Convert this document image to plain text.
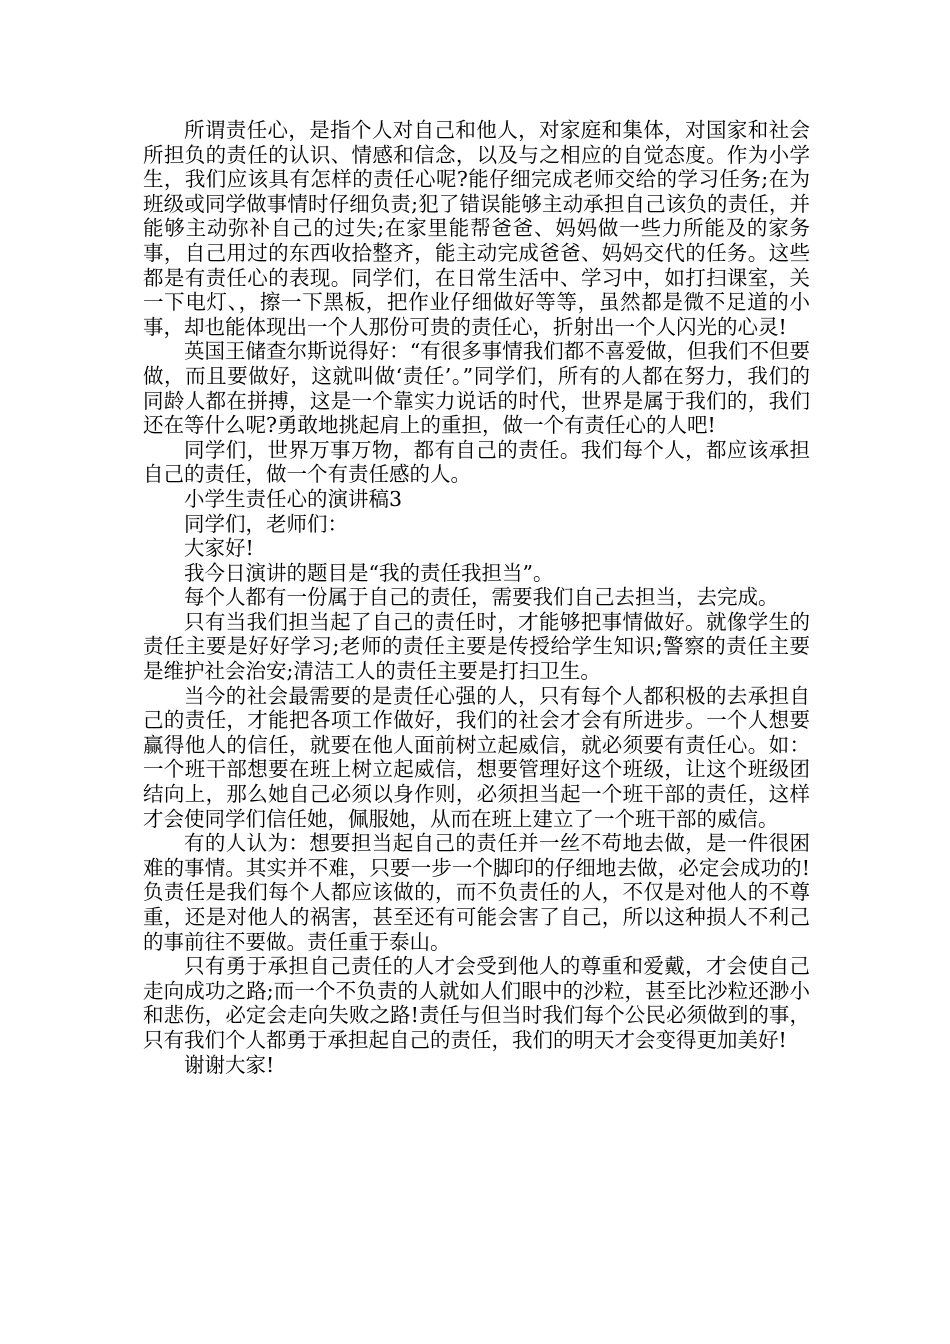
所谓责任心，是指个人对自己和他人，对家庭和集体，对国家和社会所担负的责任的认识、情感和信念，以及与之相应的自觉态度。作为小学生，我们应该具有怎样的责任心呢?能仔细完成老师交给的学习任务;在为班级或同学做事情时仔细负责;犯了错误能够主动承担自己该负的责任，并能够主动弥补自己的过失;在家里能帮爸爸、妈妈做一些力所能及的家务事，自己用过的东西收拾整齐，能主动完成爸爸、妈妈交代的任务。这些都是有责任心的表现。同学们，在日常生活中、学习中，如打扫课室，关一下电灯、，擦一下黑板，把作业仔细做好等等，虽然都是微不足道的小事，却也能体现出一个人那份可贵的责任心，折射出一个人闪光的心灵!

英国王储查尔斯说得好：“有很多事情我们都不喜爱做，但我们不但要做，而且要做好，这就叫做‘责任’。”同学们，所有的人都在努力，我们的同龄人都在拼搏，这是一个靠实力说话的时代，世界是属于我们的，我们还在等什么呢?勇敢地挑起肩上的重担，做一个有责任心的人吧!

同学们，世界万事万物，都有自己的责任。我们每个人，都应该承担自己的责任，做一个有责任感的人。

小学生责任心的演讲稿3

同学们，老师们：

大家好!

我今日演讲的题目是“我的责任我担当”。

每个人都有一份属于自己的责任，需要我们自己去担当，去完成。

只有当我们担当起了自己的责任时，才能够把事情做好。就像学生的责任主要是好好学习;老师的责任主要是传授给学生知识;警察的责任主要是维护社会治安;清洁工人的责任主要是打扫卫生。

当今的社会最需要的是责任心强的人，只有每个人都积极的去承担自己的责任，才能把各项工作做好，我们的社会才会有所进步。一个人想要赢得他人的信任，就要在他人面前树立起威信，就必须要有责任心。如：一个班干部想要在班上树立起威信，想要管理好这个班级，让这个班级团结向上，那么她自己必须以身作则，必须担当起一个班干部的责任，这样才会使同学们信任她，佩服她，从而在班上建立了一个班干部的威信。

有的人认为：想要担当起自己的责任并一丝不苟地去做，是一件很困难的事情。其实并不难，只要一步一个脚印的仔细地去做，必定会成功的!负责任是我们每个人都应该做的，而不负责任的人，不仅是对他人的不尊重，还是对他人的祸害，甚至还有可能会害了自己，所以这种损人不利己的事前往不要做。责任重于泰山。

只有勇于承担自己责任的人才会受到他人的尊重和爱戴，才会使自己走向成功之路;而一个不负责的人就如人们眼中的沙粒，甚至比沙粒还渺小和悲伤，必定会走向失败之路!责任与但当时我们每个公民必须做到的事，只有我们个人都勇于承担起自己的责任，我们的明天才会变得更加美好!

谢谢大家!
